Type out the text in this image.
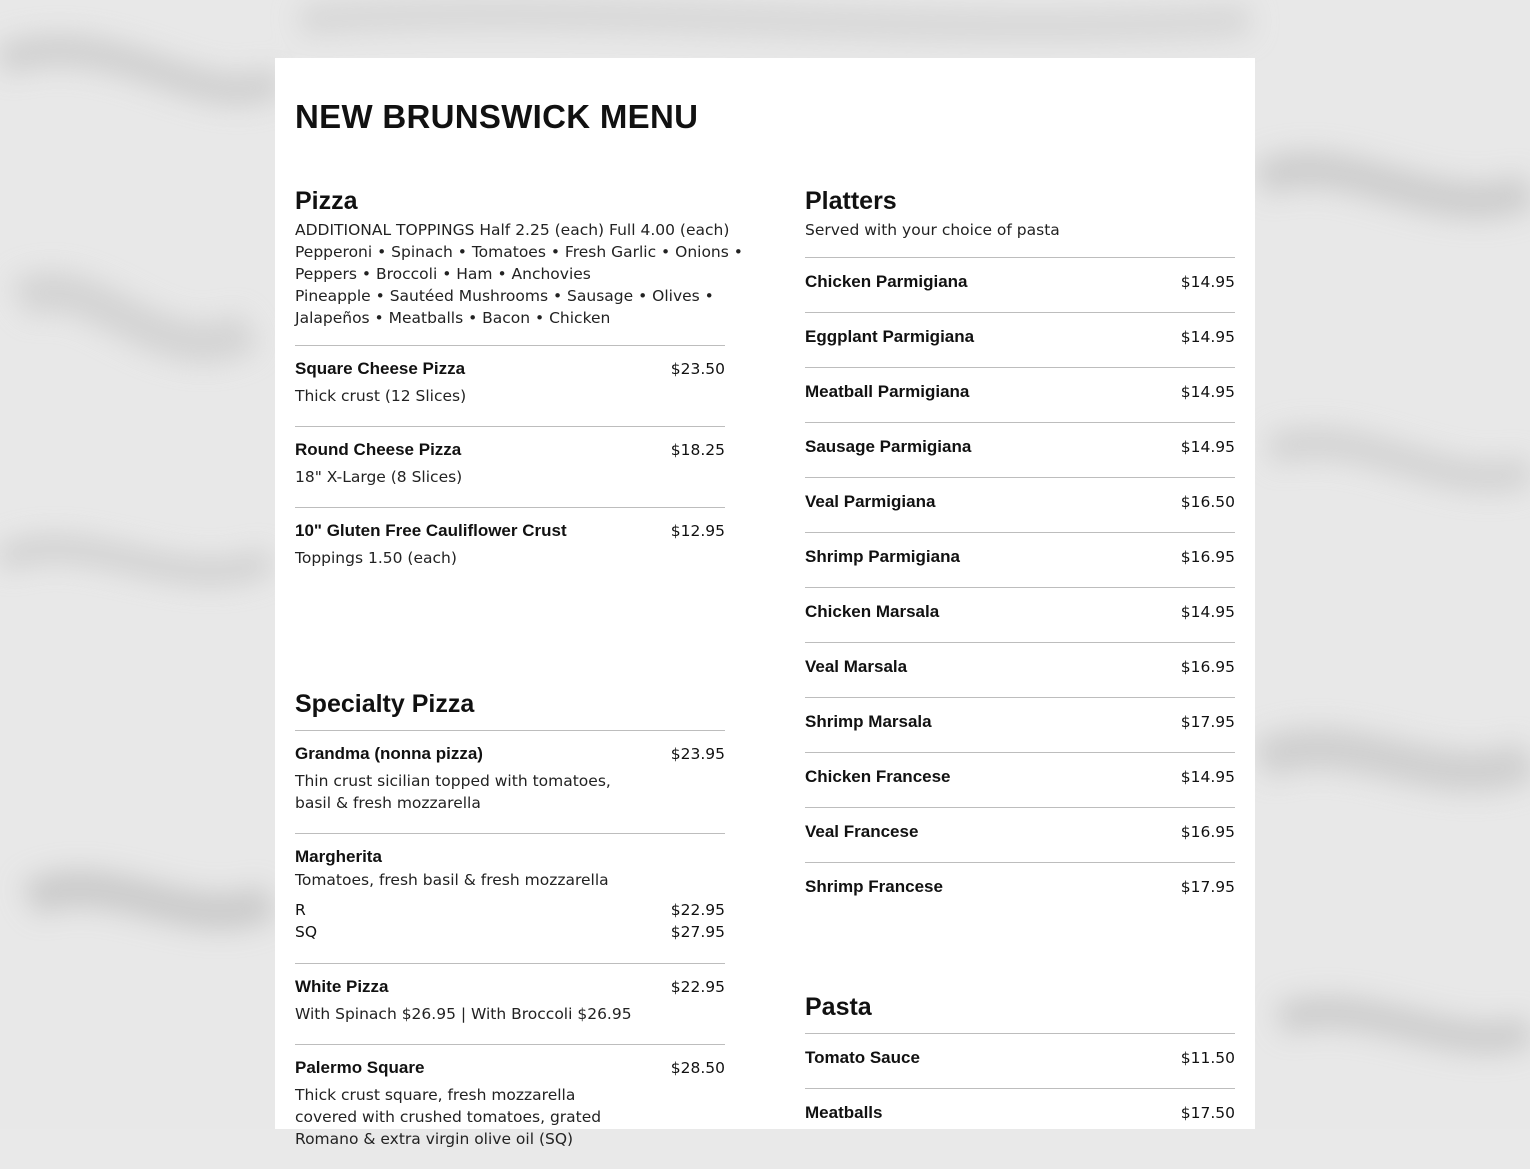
NEW BRUNSWICK MENU
Pizza
ADDITIONAL TOPPINGS Half 2.25 (each) Full 4.00 (each)
Pepperoni • Spinach • Tomatoes • Fresh Garlic • Onions •
Peppers • Broccoli • Ham • Anchovies
Pineapple • Sautéed Mushrooms • Sausage • Olives •
Jalapeños • Meatballs • Bacon • Chicken
Square Cheese Pizza	$23.50
Thick crust (12 Slices)
Round Cheese Pizza	$18.25
18" X-Large (8 Slices)
10" Gluten Free Cauliflower Crust	$12.95
Toppings 1.50 (each)
Specialty Pizza
Grandma (nonna pizza)	$23.95
Thin crust sicilian topped with tomatoes,
basil & fresh mozzarella
Margherita
Tomatoes, fresh basil & fresh mozzarella
R	$22.95
SQ	$27.95
White Pizza	$22.95
With Spinach $26.95 | With Broccoli $26.95
Palermo Square	$28.50
Thick crust square, fresh mozzarella
covered with crushed tomatoes, grated
Romano & extra virgin olive oil (SQ)
Platters
Served with your choice of pasta
Chicken Parmigiana	$14.95
Eggplant Parmigiana	$14.95
Meatball Parmigiana	$14.95
Sausage Parmigiana	$14.95
Veal Parmigiana	$16.50
Shrimp Parmigiana	$16.95
Chicken Marsala	$14.95
Veal Marsala	$16.95
Shrimp Marsala	$17.95
Chicken Francese	$14.95
Veal Francese	$16.95
Shrimp Francese	$17.95
Pasta
Tomato Sauce	$11.50
Meatballs	$17.50
